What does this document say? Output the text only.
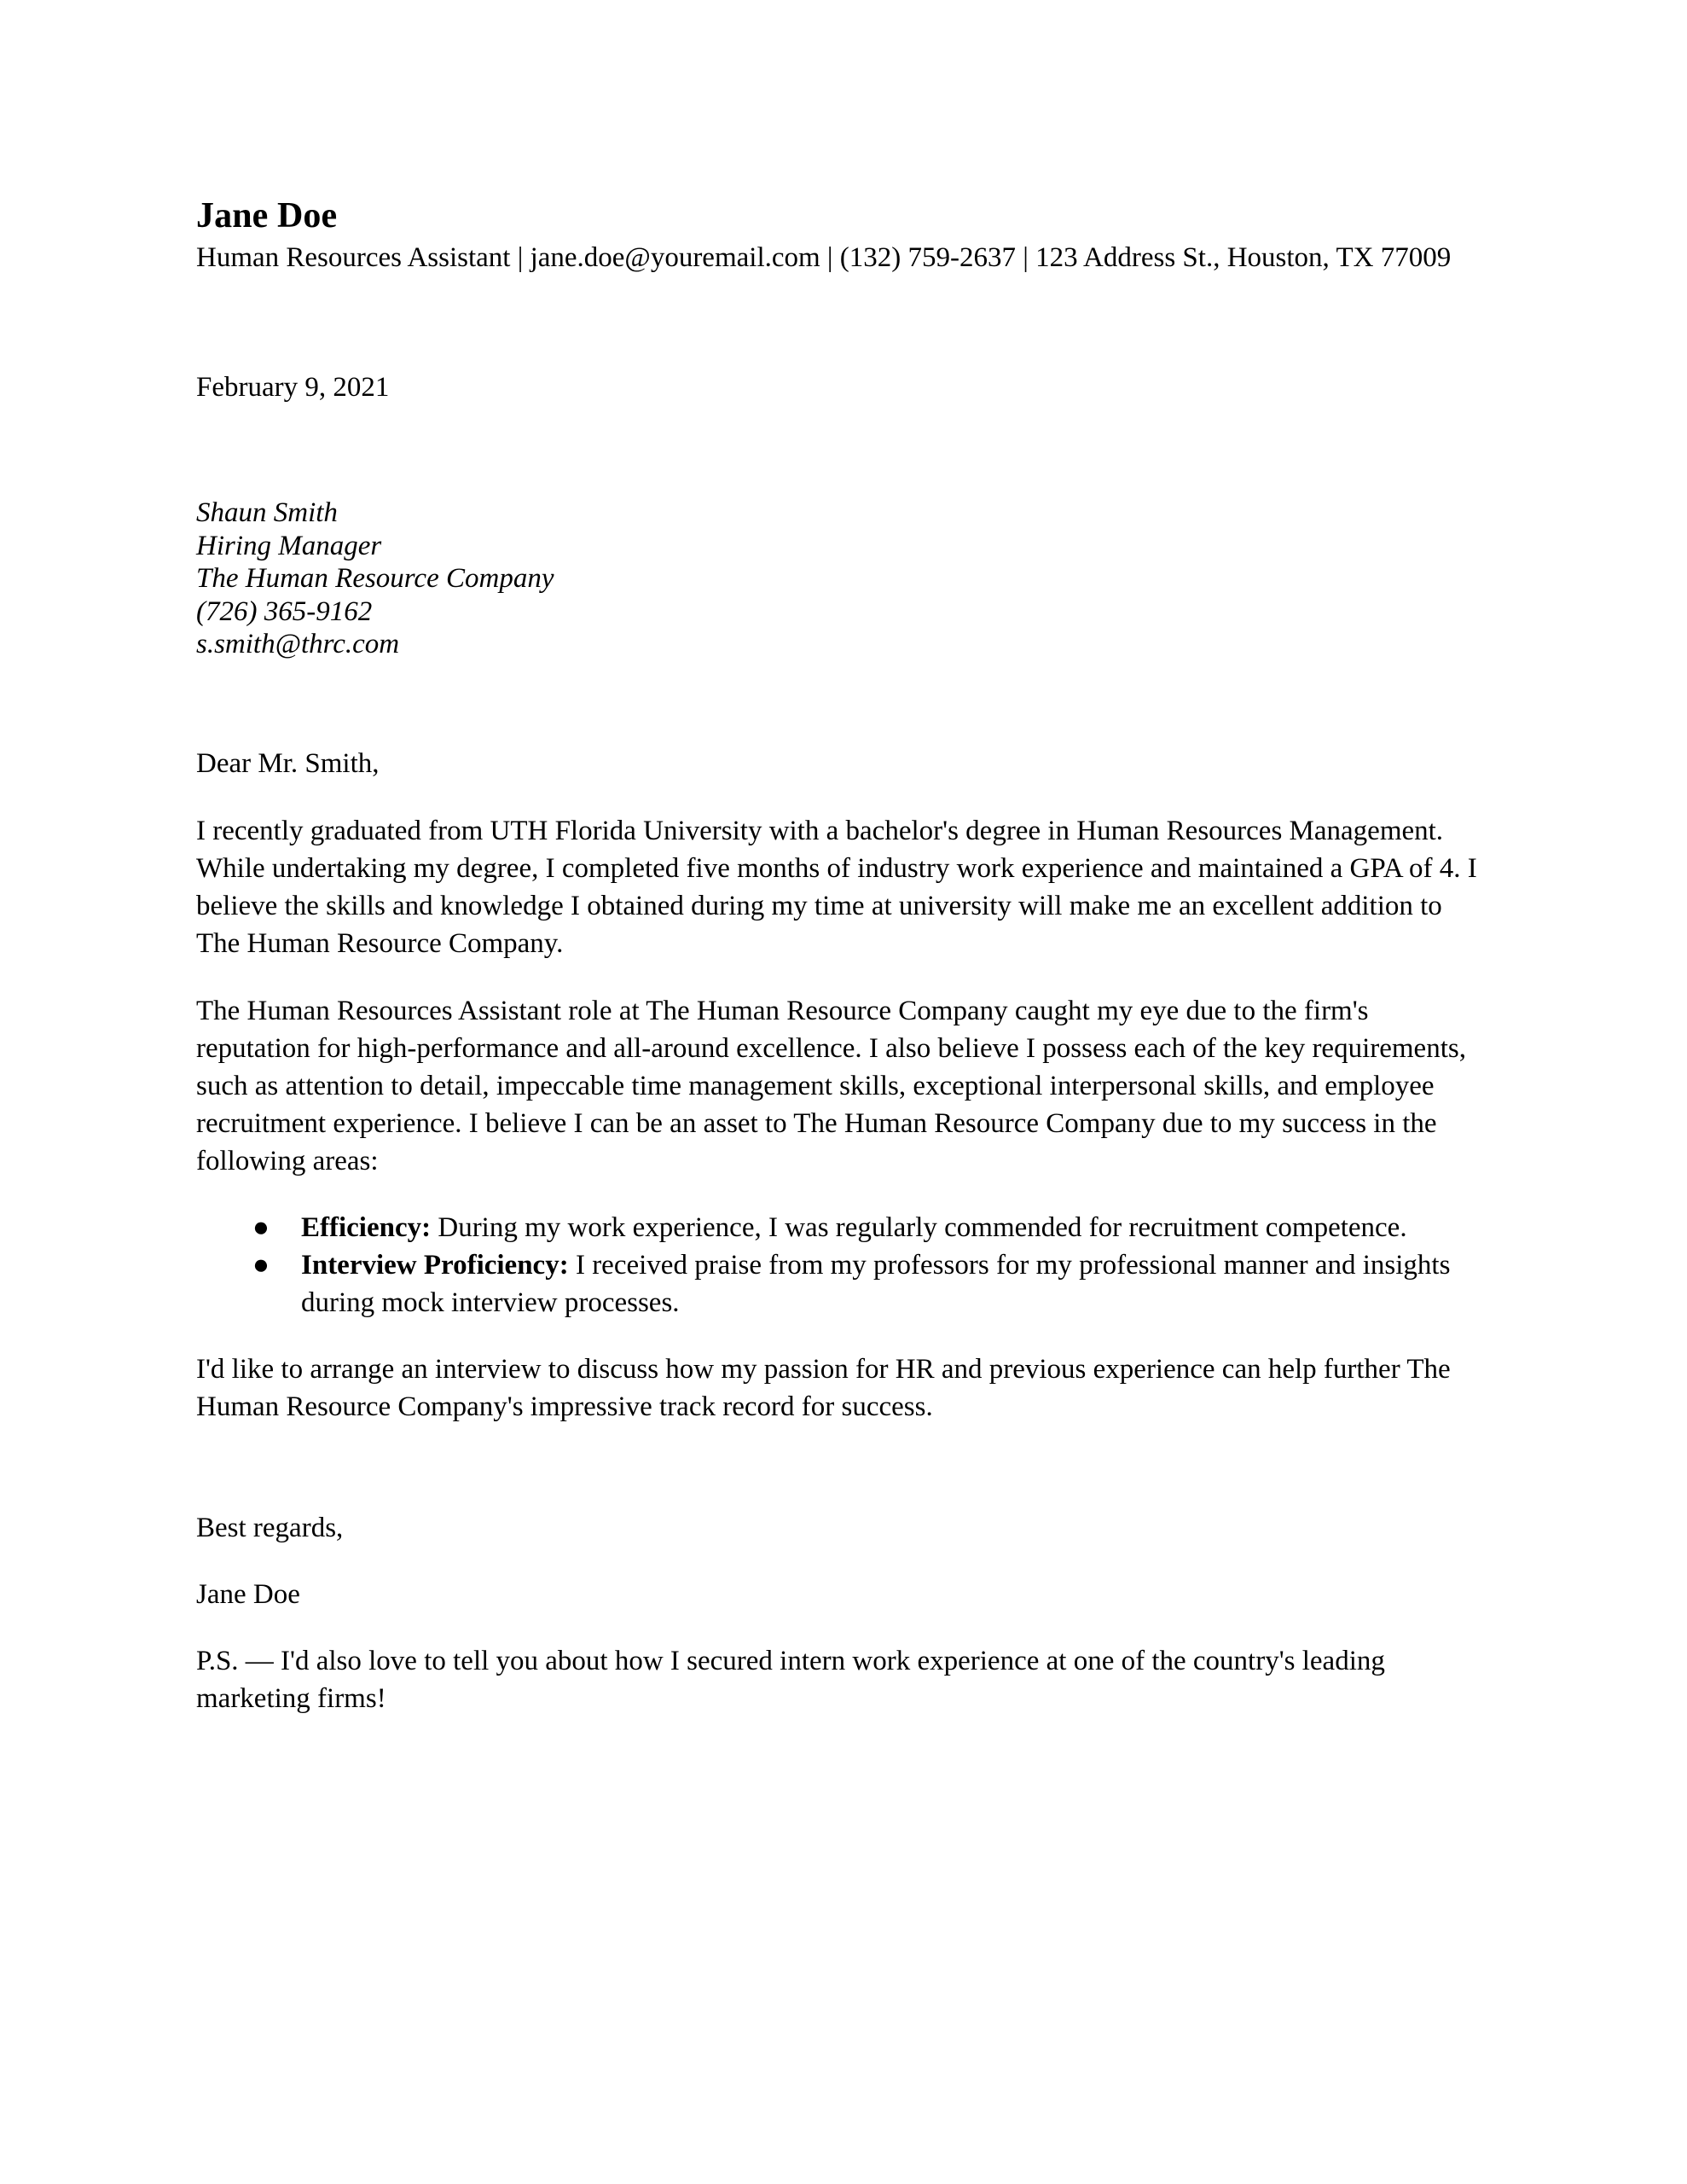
Jane Doe

Human Resources Assistant | jane.doe@youremail.com | (132) 759-2637 | 123 Address St., Houston, TX 77009

February 9, 2021

Shaun Smith

Hiring Manager

The Human Resource Company

(726) 365-9162

s.smith@thrc.com

Dear Mr. Smith,

I recently graduated from UTH Florida University with a bachelor's degree in Human Resources Management. While undertaking my degree, I completed five months of industry work experience and maintained a GPA of 4. I believe the skills and knowledge I obtained during my time at university will make me an excellent addition to The Human Resource Company.

The Human Resources Assistant role at The Human Resource Company caught my eye due to the firm's reputation for high-performance and all-around excellence. I also believe I possess each of the key requirements, such as attention to detail, impeccable time management skills, exceptional interpersonal skills, and employee recruitment experience. I believe I can be an asset to The Human Resource Company due to my success in the following areas:

● Efficiency: During my work experience, I was regularly commended for recruitment competence.
● Interview Proficiency: I received praise from my professors for my professional manner and insights during mock interview processes.

I'd like to arrange an interview to discuss how my passion for HR and previous experience can help further The Human Resource Company's impressive track record for success.

Best regards,

Jane Doe

P.S. — I'd also love to tell you about how I secured intern work experience at one of the country's leading marketing firms!
